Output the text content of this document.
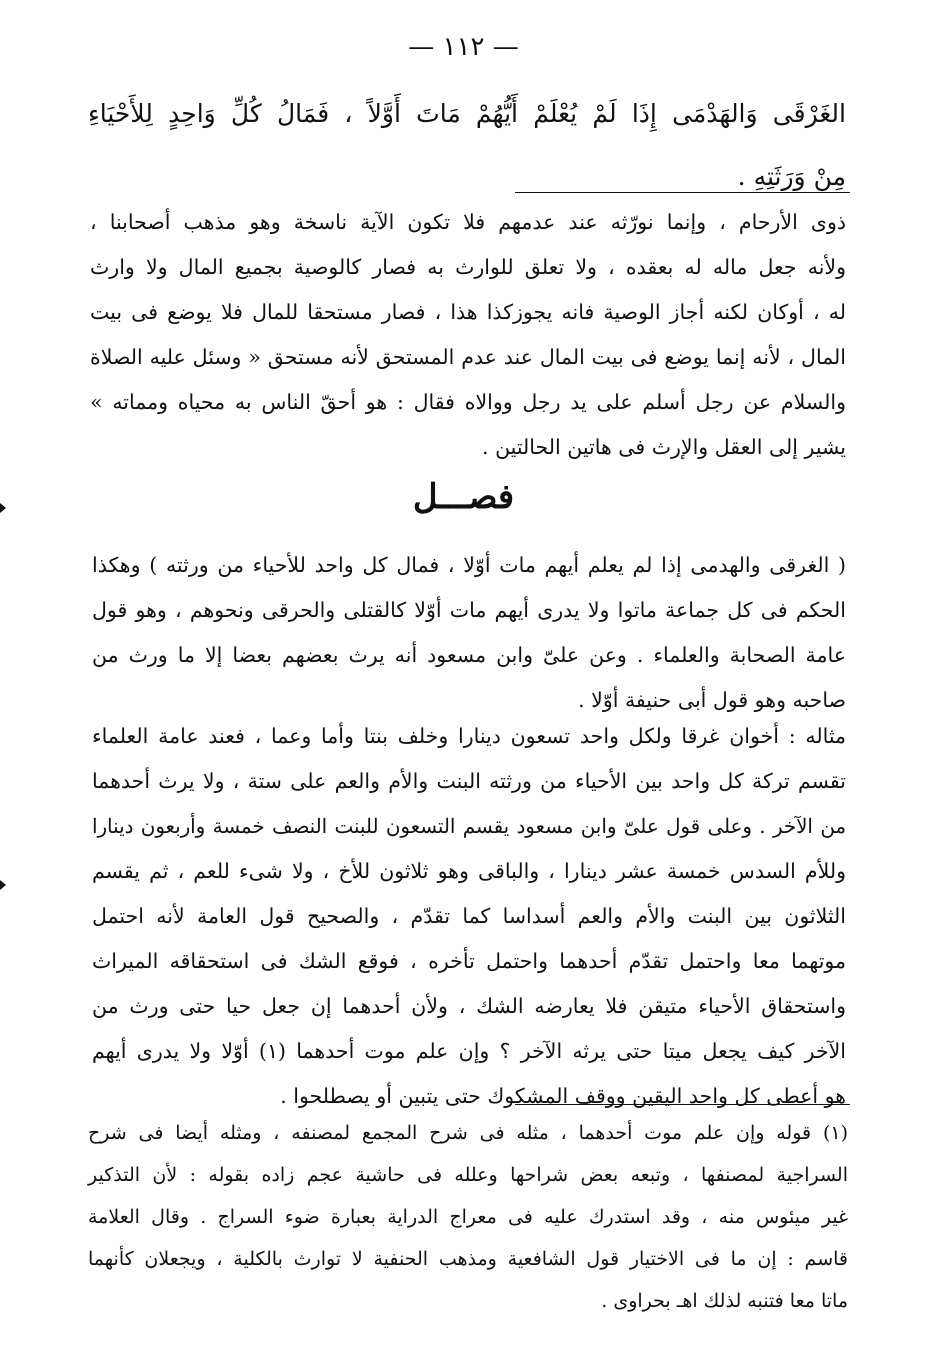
— ١١٢ —
الغَرْقَى وَالهَدْمَى إِذَا لَمْ يُعْلَمْ أَيُّهُمْ مَاتَ أَوَّلاً ، فَمَالُ كُلِّ وَاحِدٍ لِلأَحْيَاءِ
مِنْ وَرَثَتِهِ .
ذوى الأرحام ، وإنما نورّثه عند عدمهم فلا تكون الآية ناسخة وهو مذهب أصحابنا ،
ولأنه جعل ماله له بعقده ، ولا تعلق للوارث به فصار كالوصية بجميع المال ولا وارث
له ، أوكان لكنه أجاز الوصية فانه يجوزكذا هذا ، فصار مستحقا للمال فلا يوضع فى بيت
المال ، لأنه إنما يوضع فى بيت المال عند عدم المستحق لأنه مستحق « وسئل عليه الصلاة
والسلام عن رجل أسلم على يد رجل ووالاه فقال : هو أحقّ الناس به محياه ومماته »
يشير إلى العقل والإرث فى هاتين الحالتين .
فصـــل
( الغرقى والهدمى إذا لم يعلم أيهم مات أوّلا ، فمال كل واحد للأحياء من ورثته ) وهكذا
الحكم فى كل جماعة ماتوا ولا يدرى أيهم مات أوّلا كالقتلى والحرقى ونحوهم ، وهو قول
عامة الصحابة والعلماء . وعن علىّ وابن مسعود أنه يرث بعضهم بعضا إلا ما ورث من
صاحبه وهو قول أبى حنيفة أوّلا .
مثاله : أخوان غرقا ولكل واحد تسعون دينارا وخلف بنتا وأما وعما ، فعند عامة العلماء
تقسم تركة كل واحد بين الأحياء من ورثته البنت والأم والعم على ستة ، ولا يرث أحدهما
من الآخر . وعلى قول علىّ وابن مسعود يقسم التسعون للبنت النصف خمسة وأربعون دينارا
وللأم السدس خمسة عشر دينارا ، والباقى وهو ثلاثون للأخ ، ولا شىء للعم ، ثم يقسم
الثلاثون بين البنت والأم والعم أسداسا كما تقدّم ، والصحيح قول العامة لأنه احتمل
موتهما معا واحتمل تقدّم أحدهما واحتمل تأخره ، فوقع الشك فى استحقاقه الميراث
واستحقاق الأحياء متيقن فلا يعارضه الشك ، ولأن أحدهما إن جعل حيا حتى ورث من
الآخر كيف يجعل ميتا حتى يرثه الآخر ؟ وإن علم موت أحدهما (١) أوّلا ولا يدرى أيهم
هو أعطى كل واحد اليقين ووقف المشكوك حتى يتبين أو يصطلحوا .
(١) قوله وإن علم موت أحدهما ، مثله فى شرح المجمع لمصنفه ، ومثله أيضا فى شرح
السراجية لمصنفها ، وتبعه بعض شراحها وعلله فى حاشية عجم زاده بقوله : لأن التذكير
غير ميئوس منه ، وقد استدرك عليه فى معراج الدراية بعبارة ضوء السراج . وقال العلامة
قاسم : إن ما فى الاختيار قول الشافعية ومذهب الحنفية لا توارث بالكلية ، ويجعلان كأنهما
ماتا معا فتنبه لذلك اهـ بحراوى .
